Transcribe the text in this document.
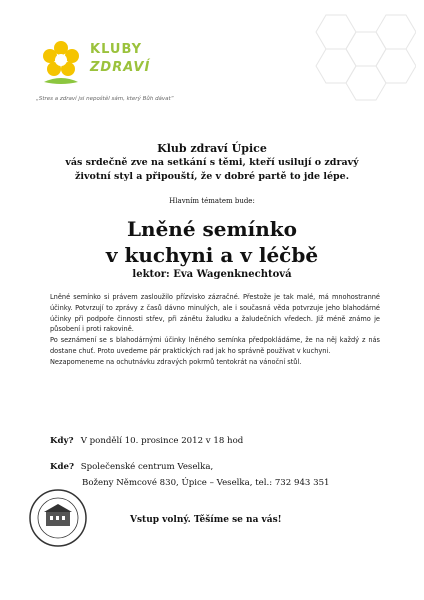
KLUBY
ZDRAVÍ
„Stres a zdraví jsi nepoštěl sám, který Bůh dávat“
Klub zdraví Úpice
vás srdečně zve na setkání s těmi, kteří usilují o zdravý
životní styl a připouští, že v dobré partě to jde lépe.
Hlavním tématem bude:
Lněné semínko
v kuchyni a v léčbě
lektor: Eva Wagenknechtová

Lněné semínko si právem zasloužilo přízvisko zázračné. Přestože je tak malé, má mnohostranné účinky. Potvrzují to zprávy z časů dávno minulých, ale i současná věda potvrzuje jeho blahodárné účinky při podpoře činnosti střev, při zánětu žaludku a žaludečních vředech. Již méně známo je působení i proti rakovině.

Po seznámení se s blahodárnými účinky lněného semínka předpokládáme, že na něj každý z nás dostane chuť. Proto uvedeme pár praktických rad jak ho správně používat v kuchyni.

Nezapomeneme na ochutnávku zdravých pokrmů tentokrát na vánoční stůl.

Kdy? V pondělí 10. prosince 2012 v 18 hod
Kde? Společenské centrum Veselka,
Boženy Němcové 830, Úpice – Veselka, tel.: 732 943 351
Vstup volný. Těšíme se na vás!
